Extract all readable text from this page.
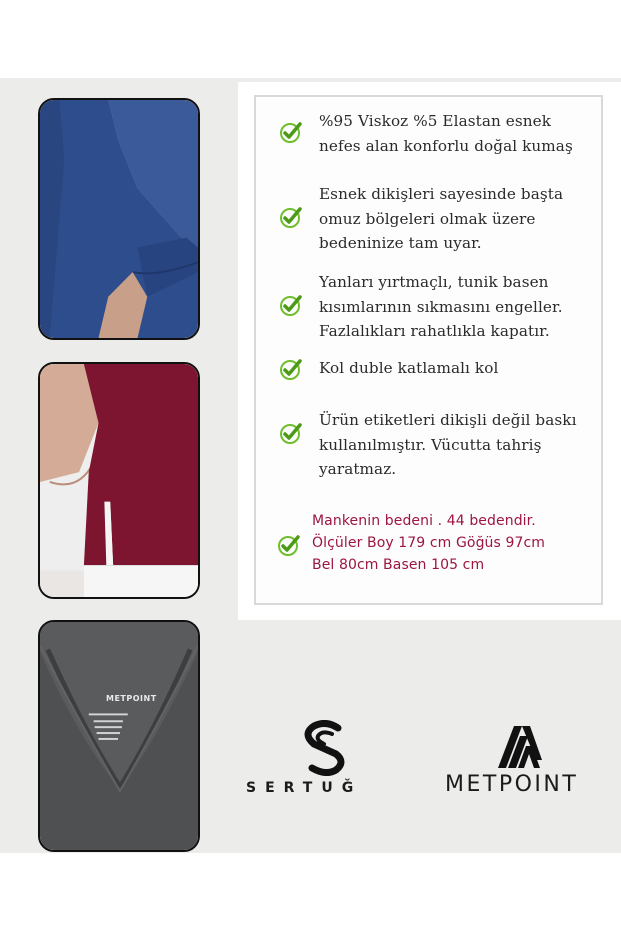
METPOINT
%95 Viskoz %5 Elastan esnek nefes alan konforlu doğal kumaş
Esnek dikişleri sayesinde başta omuz bölgeleri olmak üzere bedeninize tam uyar.
Yanları yırtmaçlı, tunik basen kısımlarının sıkmasını engeller. Fazlalıkları rahatlıkla kapatır.
Kol duble katlamalı kol
Ürün etiketleri dikişli değil baskı kullanılmıştır. Vücutta tahriş yaratmaz.
Mankenin bedeni . 44 bedendir.
Ölçüler Boy 179 cm Göğüs 97cm
Bel 80cm Basen 105 cm
SERTUĞ	METPOINT
